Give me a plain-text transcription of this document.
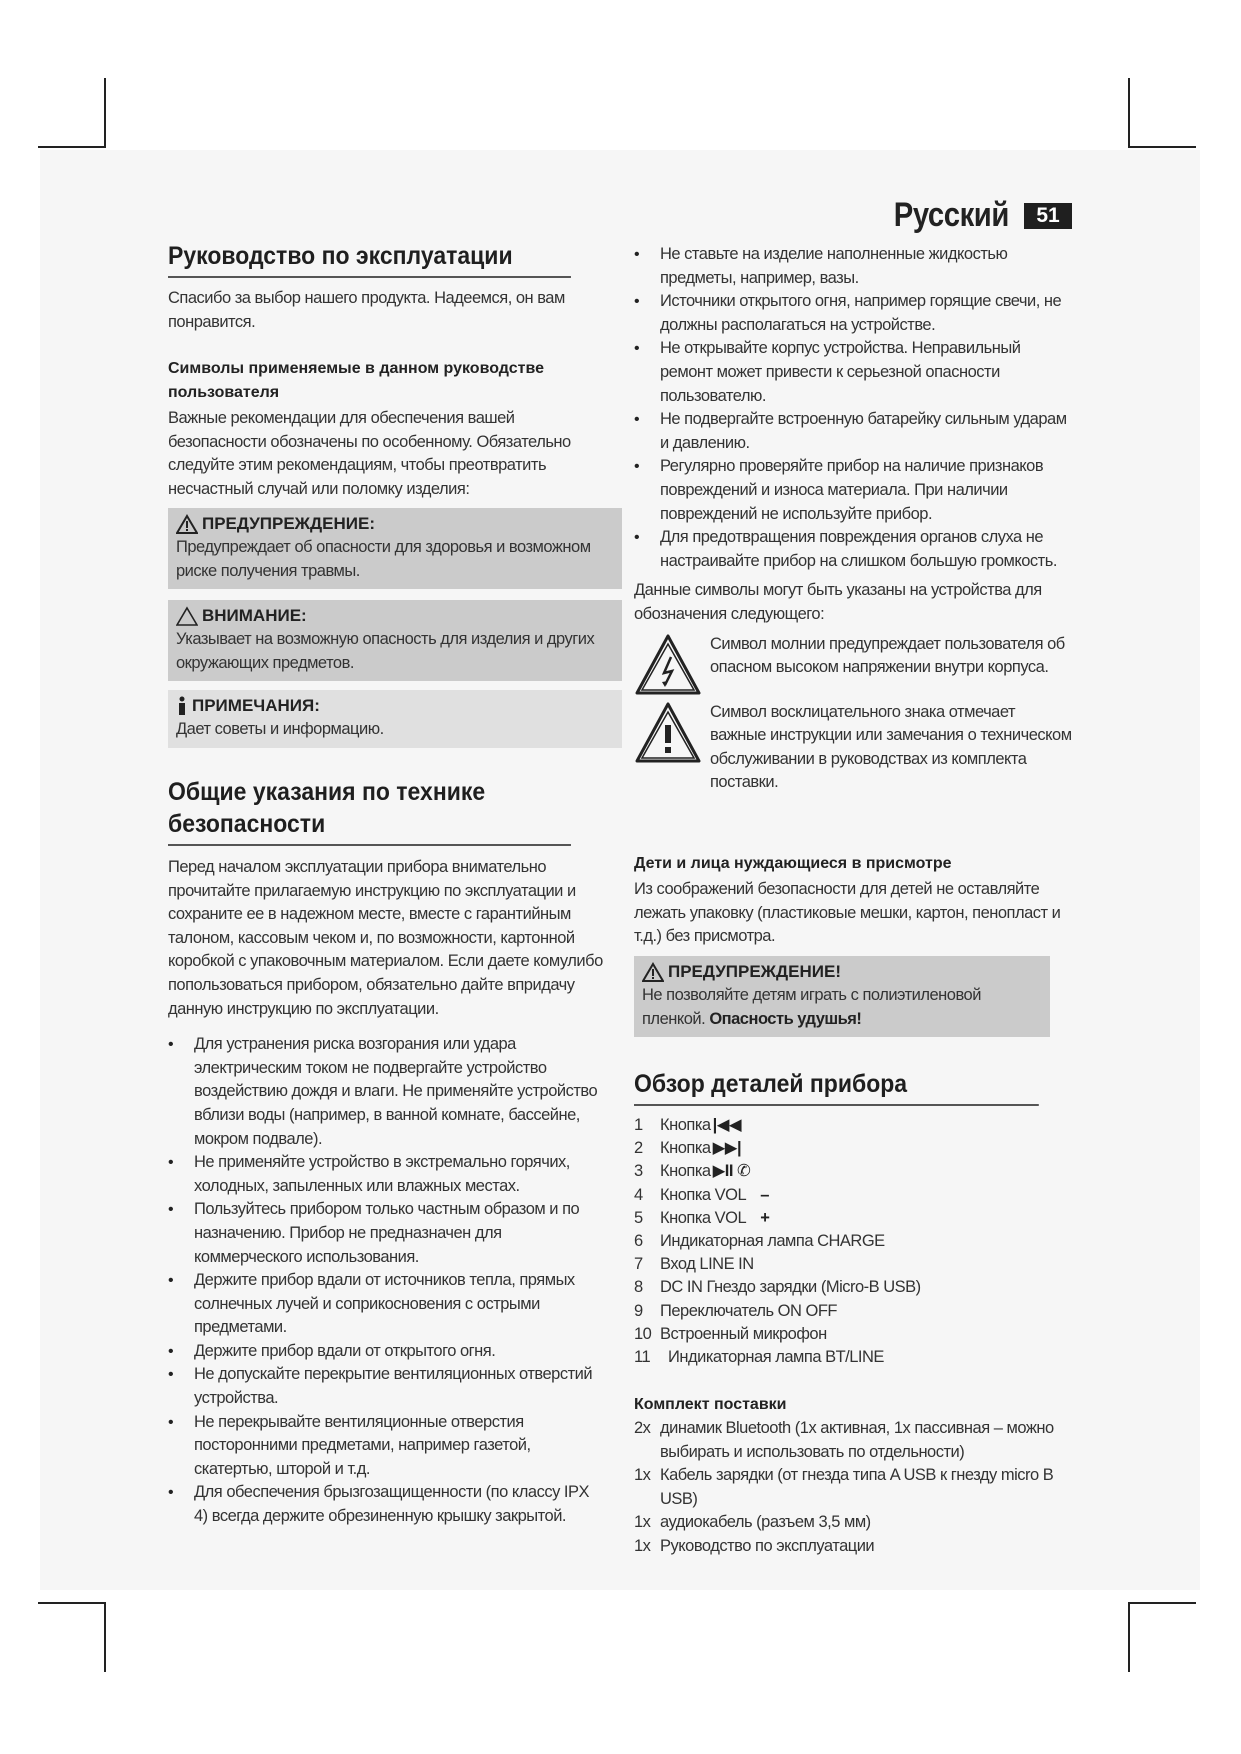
Русский	51
Руководство по эксплуатации
Спасибо за выбор нашего продукта. Надеемся, он вам понравится.
Символы применяемые в данном руководстве пользователя
Важные рекомендации для обеспечения вашей безопасности обозначены по особенному. Обязательно следуйте этим рекомендациям, чтобы преотвратить несчастный случай или поломку изделия:
ПРЕДУПРЕЖДЕНИЕ:
Предупреждает об опасности для здоровья и возможном риске получения травмы.
ВНИМАНИЕ:
Указывает на возможную опасность для изделия и других окружающих предметов.
ПРИМЕЧАНИЯ:
Дает советы и информацию.
Общие указания по технике безопасности
Перед началом эксплуатации прибора внимательно прочитайте прилагаемую инструкцию по эксплуатации и сохраните ее в надежном месте, вместе с гарантийным талоном, кассовым чеком и, по возможности, картонной коробкой с упаковочным материалом. Если даете комулибо попользоваться прибором, обязательно дайте впридачу данную инструкцию по эксплуатации.
• Для устранения риска возгорания или удара электрическим током не подвергайте устройство воздействию дождя и влаги. Не применяйте устройство вблизи воды (например, в ванной комнате, бассейне, мокром подвале).
• Не применяйте устройство в экстремально горячих, холодных, запыленных или влажных местах.
• Пользуйтесь прибором только частным образом и по назначению. Прибор не предназначен для коммерческого использования.
• Держите прибор вдали от источников тепла, прямых солнечных лучей и соприкосновения с острыми предметами.
• Держите прибор вдали от открытого огня.
• Не допускайте перекрытие вентиляционных отверстий устройства.
• Не перекрывайте вентиляционные отверстия посторонними предметами, например газетой, скатертью, шторой и т.д.
• Для обеспечения брызгозащищенности (по классу IPX 4) всегда держите обрезиненную крышку закрытой.
• Не ставьте на изделие наполненные жидкостью предметы, например, вазы.
• Источники открытого огня, например горящие свечи, не должны располагаться на устройстве.
• Не открывайте корпус устройства. Неправильный ремонт может привести к серьезной опасности пользователю.
• Не подвергайте встроенную батарейку сильным ударам и давлению.
• Регулярно проверяйте прибор на наличие признаков повреждений и износа материала. При наличии повреждений не используйте прибор.
• Для предотвращения повреждения органов слуха не настраивайте прибор на слишком большую громкость.
Данные символы могут быть указаны на устройства для обозначения следующего:
Символ молнии предупреждает пользователя об опасном высоком напряжении внутри корпуса.
Символ восклицательного знака отмечает важные инструкции или замечания о техническом обслуживании в руководствах из комплекта поставки.
Дети и лица нуждающиеся в присмотре
Из соображений безопасности для детей не оставляйте лежать упаковку (пластиковые мешки, картон, пенопласт и т.д.) без присмотра.
ПРЕДУПРЕЖДЕНИЕ!
Не позволяйте детям играть с полиэтиленовой пленкой. Опасность удушья!
Обзор деталей прибора
1	Кнопка |◀◀
2	Кнопка ▶▶|
3	Кнопка ▶II ✆
4	Кнопка VOL –
5	Кнопка VOL +
6	Индикаторная лампа CHARGE
7	Вход LINE IN
8	DC IN Гнездо зарядки (Micro-B USB)
9	Переключатель ON OFF
10 Встроенный микрофон
11	Индикаторная лампа BT/LINE
Комплект поставки
2x динамик Bluetooth (1x активная, 1x пассивная – можно выбирать и использовать по отдельности)
1x Кабель зарядки (от гнезда типа A USB к гнезду micro B USB)
1x аудиокабель (разъем 3,5 мм)
1x Руководство по эксплуатации
